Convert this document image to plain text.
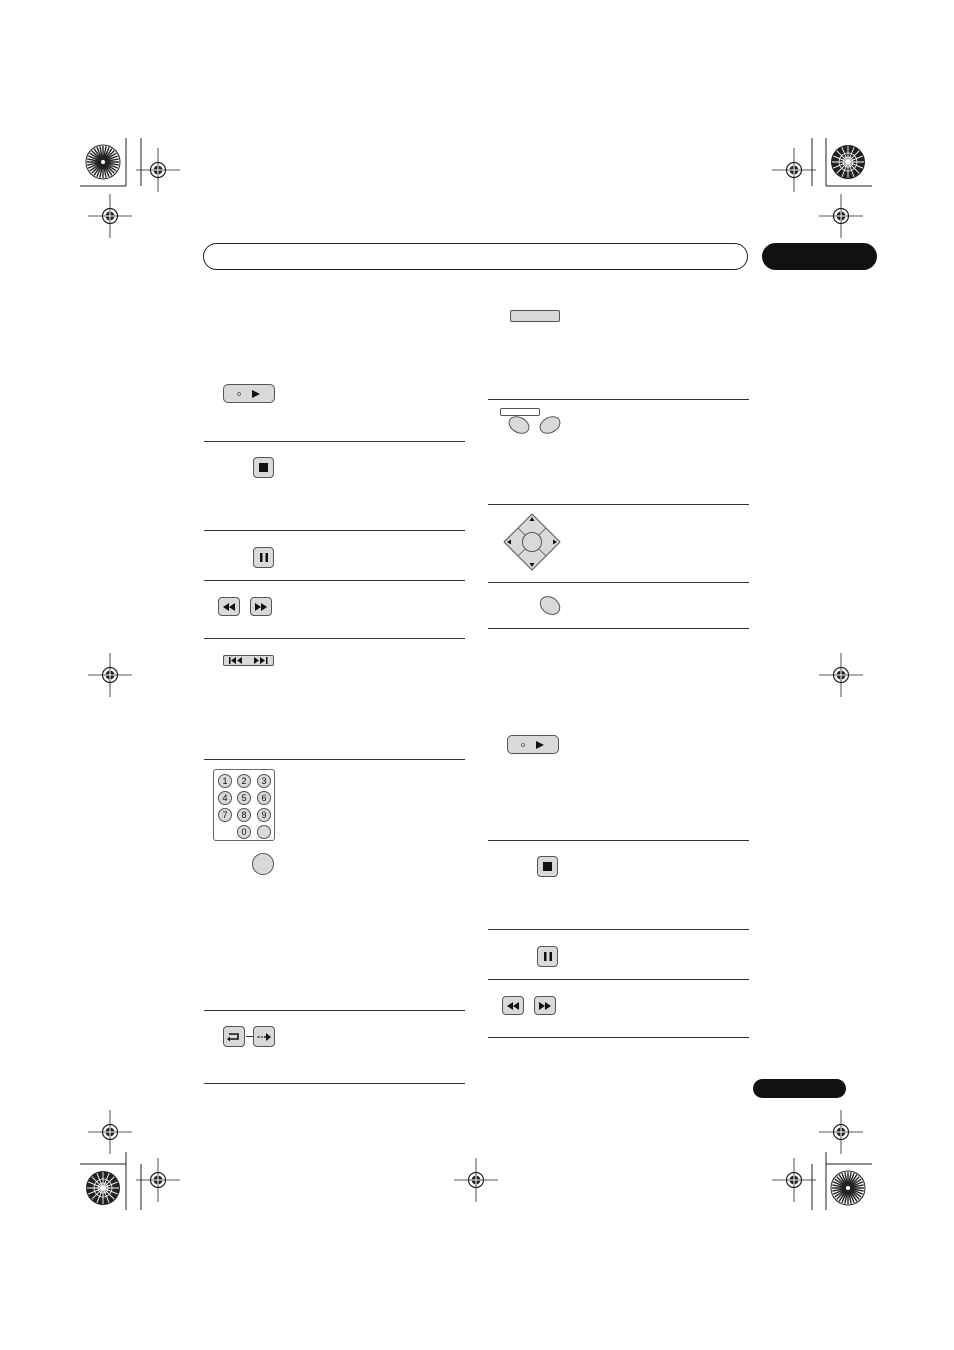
1	2	3
4	5	6
7	8	9
0
